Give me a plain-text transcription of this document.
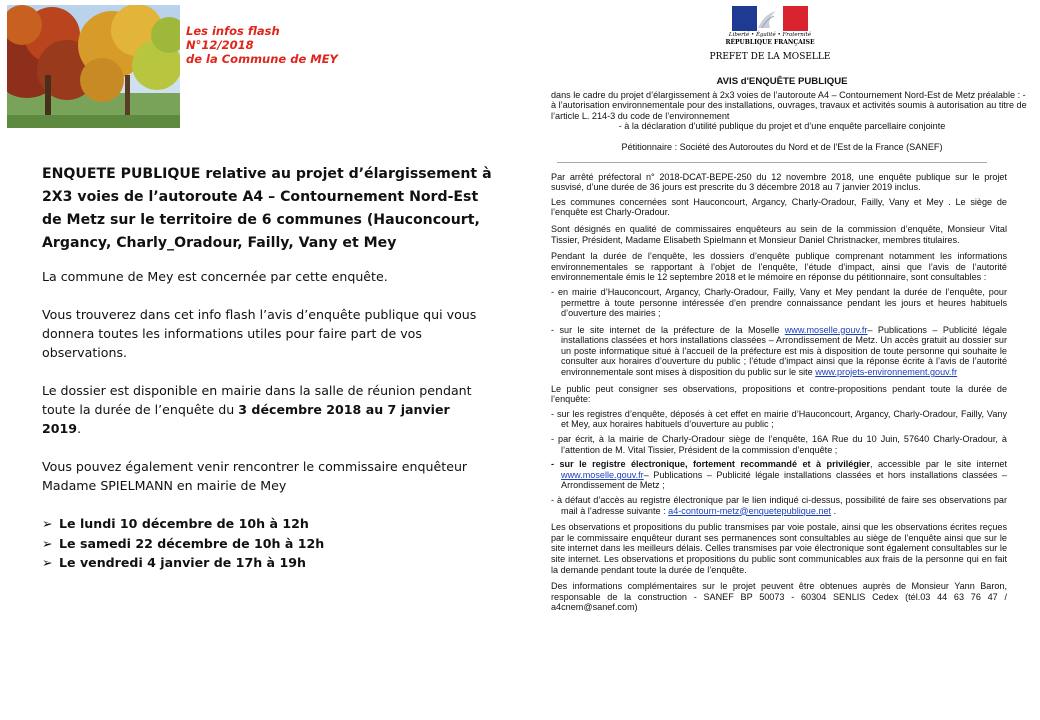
Les infos flash
N°12/2018
de la Commune de MEY
ENQUETE PUBLIQUE relative au projet d’élargissement à 2X3 voies de l’autoroute A4 – Contournement Nord-Est de Metz sur le territoire de 6 communes (Hauconcourt, Argancy, Charly_Oradour, Failly, Vany et Mey

La commune de Mey est concernée par cette enquête.

Vous trouverez dans cet info flash l’avis d’enquête publique qui vous donnera toutes les informations utiles pour faire part de vos observations.

Le dossier est disponible en mairie dans la salle de réunion pendant toute la durée de l’enquête du 3 décembre 2018 au 7 janvier 2019.

Vous pouvez également venir rencontrer le commissaire enquêteur Madame SPIELMANN en mairie de Mey

➢ Le lundi 10 décembre de 10h à 12h
➢ Le samedi 22 décembre de 10h à 12h
➢ Le vendredi 4 janvier de 17h à 19h
Liberté • Égalité • Fraternité
RÉPUBLIQUE FRANÇAISE
PREFET DE LA MOSELLE
AVIS d'ENQUÊTE PUBLIQUE
dans le cadre du projet d’élargissement à 2x3 voies de l’autoroute A4 – Contournement Nord-Est de Metz préalable : - à l’autorisation environnementale pour des installations, ouvrages, travaux et activités soumis à autorisation au titre de l’article L. 214-3 du code de l’environnement
- à la déclaration d’utilité publique du projet et d’une enquête parcellaire conjointe
Pétitionnaire : Société des Autoroutes du Nord et de l’Est de la France (SANEF)

Par arrêté préfectoral n° 2018-DCAT-BEPE-250 du 12 novembre 2018, une enquête publique sur le projet susvisé, d’une durée de 36 jours est prescrite du 3 décembre 2018 au 7 janvier 2019 inclus.

Les communes concernées sont Hauconcourt, Argancy, Charly-Oradour, Failly, Vany et Mey . Le siège de l’enquête est Charly-Oradour.

Sont désignés en qualité de commissaires enquêteurs au sein de la commission d’enquête, Monsieur Vital Tissier, Président, Madame Elisabeth Spielmann et Monsieur Daniel Christnacker, membres titulaires.

Pendant la durée de l’enquête, les dossiers d’enquête publique comprenant notamment les informations environnementales se rapportant à l’objet de l’enquête, l’étude d’impact, ainsi que l’avis de l’autorité environnementale émis le 12 septembre 2018 et le mémoire en réponse du pétitionnaire, sont consultables :

- en mairie d’Hauconcourt, Argancy, Charly-Oradour, Failly, Vany et Mey pendant la durée de l’enquête, pour permettre à toute personne intéressée d’en prendre connaissance pendant les jours et heures habituels d’ouverture des mairies ;

- sur le site internet de la préfecture de la Moselle www.moselle.gouv.fr– Publications – Publicité légale installations classées et hors installations classées – Arrondissement de Metz. Un accès gratuit au dossier sur un poste informatique situé à l’accueil de la préfecture est mis à disposition de toute personne qui souhaite le consulter aux horaires d’ouverture du public ; l’étude d’impact ainsi que la réponse écrite à l’avis de l’autorité environnementale sont mises à disposition du public sur le site www.projets-environnement.gouv.fr

Le public peut consigner ses observations, propositions et contre-propositions pendant toute la durée de l’enquête:

- sur les registres d’enquête, déposés à cet effet en mairie d’Hauconcourt, Argancy, Charly-Oradour, Failly, Vany et Mey, aux horaires habituels d’ouverture au public ;

- par écrit, à la mairie de Charly-Oradour siège de l’enquête, 16A Rue du 10 Juin, 57640 Charly-Oradour, à l’attention de M. Vital Tissier, Président de la commission d’enquête ;

- sur le registre électronique, fortement recommandé et à privilégier, accessible par le site internet www.moselle.gouv.fr– Publications – Publicité légale installations classées et hors installations classées – Arrondissement de Metz ;

- à défaut d’accès au registre électronique par le lien indiqué ci-dessus, possibilité de faire ses observations par mail à l’adresse suivante : a4-contourn-metz@enquetepublique.net .

Les observations et propositions du public transmises par voie postale, ainsi que les observations écrites reçues par le commissaire enquêteur durant ses permanences sont consultables au siège de l’enquête ainsi que sur le site internet dans les meilleurs délais. Celles transmises par voie électronique sont également consultables sur le site internet. Les observations et propositions du public sont communicables aux frais de la personne qui en fait la demande pendant toute la durée de l’enquête.

Des informations complémentaires sur le projet peuvent être obtenues auprès de Monsieur Yann Baron, responsable de la construction - SANEF BP 50073 - 60304 SENLIS Cedex (tél.03 44 63 76 47 / a4cnem@sanef.com)
